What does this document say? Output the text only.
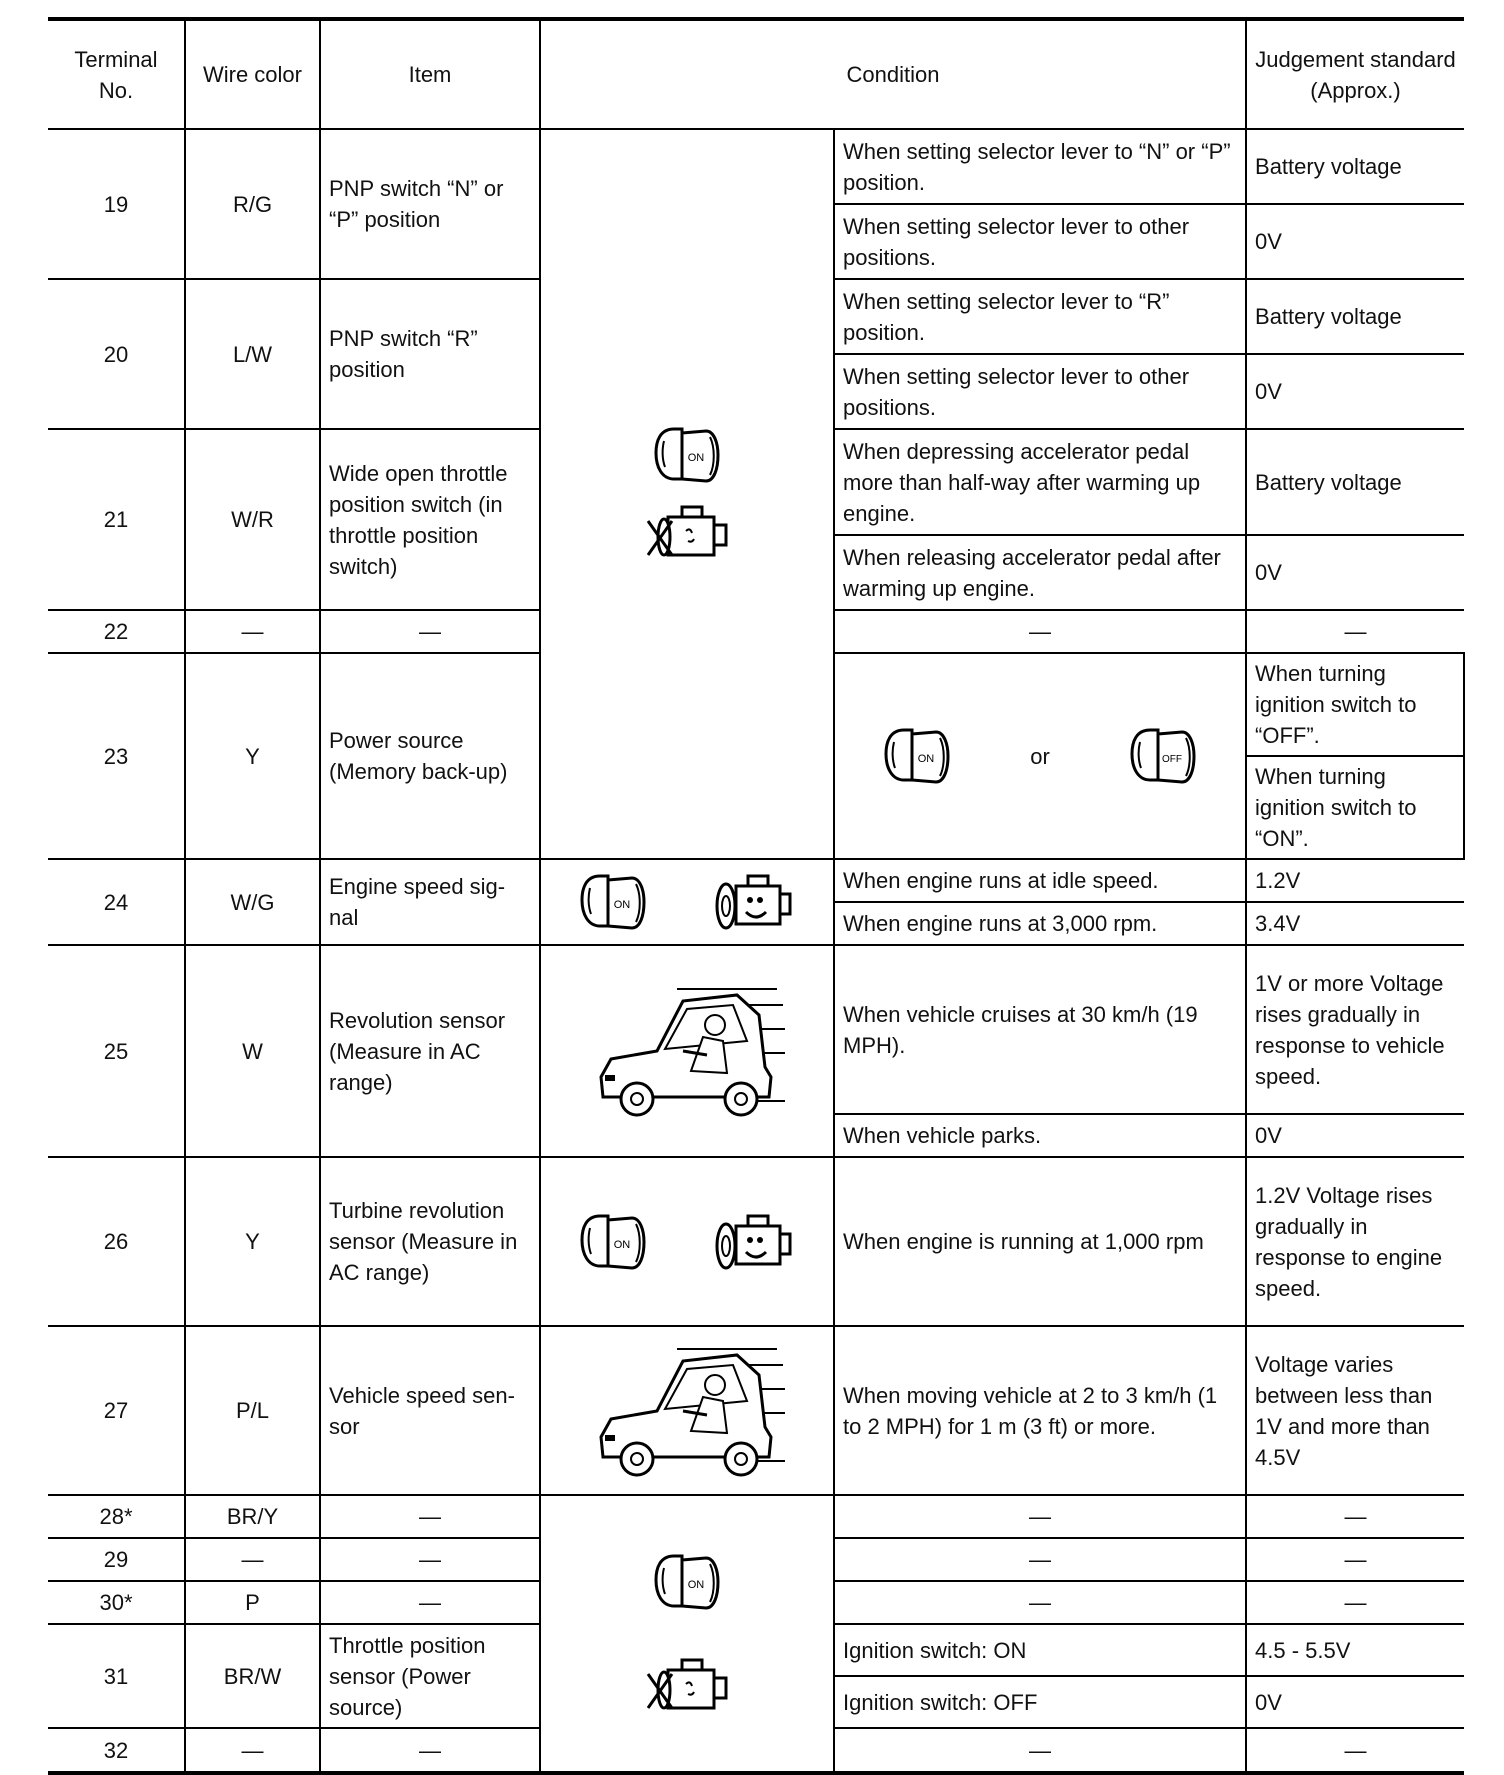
Terminal No.	Wire color	Item	Condition		Judgement standard (Approx.)	
19	R/G	PNP switch “N” or “P” position	ON	When setting selector lever to “N” or “P” position.	Battery voltage	
				When setting selector lever to other positions.	0V	
20	L/W	PNP switch “R” position		When setting selector lever to “R” position.	Battery voltage	
				When setting selector lever to other positions.	0V	
21	W/R	Wide open throttle position switch (in throttle position switch)		When depressing accelerator pedal more than half-way after warming up engine.	Battery voltage	
				When releasing accelerator pedal after warming up engine.	0V	
22	—	—		—	—	
23	Y	Power source (Memory back-up)		ON or OFF	When turning ignition switch to “OFF”.	
					When turning ignition switch to “ON”.	
24	W/G	Engine speed sig- nal	ON	When engine runs at idle speed.	1.2V	
				When engine runs at 3,000 rpm.	3.4V	
25	W	Revolution sensor (Measure in AC range)		When vehicle cruises at 30 km/h (19 MPH).	1V or more Voltage rises gradually in response to vehicle speed.	
				When vehicle parks.	0V	
26	Y	Turbine revolution sensor (Measure in AC range)	ON	When engine is running at 1,000 rpm	1.2V Voltage rises gradually in response to engine speed.	
27	P/L	Vehicle speed sen- sor		When moving vehicle at 2 to 3 km/h (1 to 2 MPH) for 1 m (3 ft) or more.	Voltage varies between less than 1V and more than 4.5V	
28*	BR/Y	—	ON	—	—	
29	—	—		—	—	
30*	P	—		—	—	
31	BR/W	Throttle position sensor (Power source)		Ignition switch: ON	4.5 - 5.5V	
				Ignition switch: OFF	0V	
32	—	—		—	—	
